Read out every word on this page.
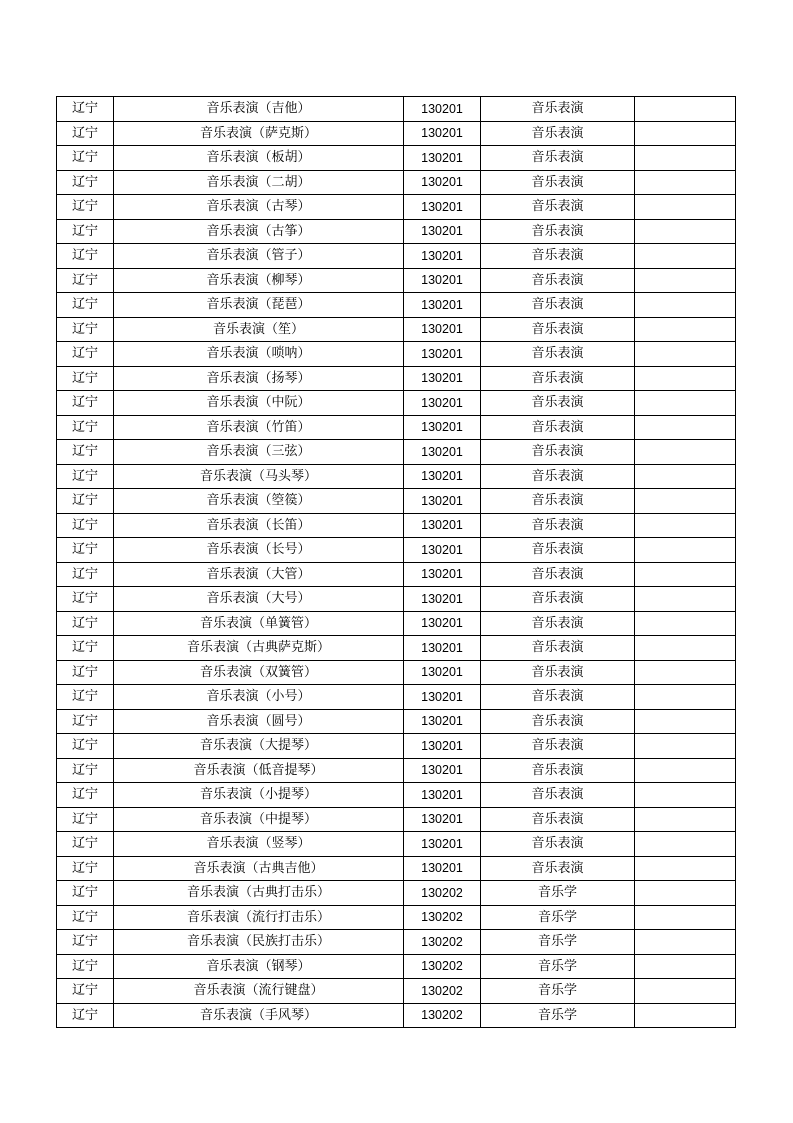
辽宁	音乐表演（吉他）	130201	音乐表演	
辽宁	音乐表演（萨克斯）	130201	音乐表演	
辽宁	音乐表演（板胡）	130201	音乐表演	
辽宁	音乐表演（二胡）	130201	音乐表演	
辽宁	音乐表演（古琴）	130201	音乐表演	
辽宁	音乐表演（古筝）	130201	音乐表演	
辽宁	音乐表演（管子）	130201	音乐表演	
辽宁	音乐表演（柳琴）	130201	音乐表演	
辽宁	音乐表演（琵琶）	130201	音乐表演	
辽宁	音乐表演（笙）	130201	音乐表演	
辽宁	音乐表演（唢呐）	130201	音乐表演	
辽宁	音乐表演（扬琴）	130201	音乐表演	
辽宁	音乐表演（中阮）	130201	音乐表演	
辽宁	音乐表演（竹笛）	130201	音乐表演	
辽宁	音乐表演（三弦）	130201	音乐表演	
辽宁	音乐表演（马头琴）	130201	音乐表演	
辽宁	音乐表演（箜篌）	130201	音乐表演	
辽宁	音乐表演（长笛）	130201	音乐表演	
辽宁	音乐表演（长号）	130201	音乐表演	
辽宁	音乐表演（大管）	130201	音乐表演	
辽宁	音乐表演（大号）	130201	音乐表演	
辽宁	音乐表演（单簧管）	130201	音乐表演	
辽宁	音乐表演（古典萨克斯）	130201	音乐表演	
辽宁	音乐表演（双簧管）	130201	音乐表演	
辽宁	音乐表演（小号）	130201	音乐表演	
辽宁	音乐表演（圆号）	130201	音乐表演	
辽宁	音乐表演（大提琴）	130201	音乐表演	
辽宁	音乐表演（低音提琴）	130201	音乐表演	
辽宁	音乐表演（小提琴）	130201	音乐表演	
辽宁	音乐表演（中提琴）	130201	音乐表演	
辽宁	音乐表演（竖琴）	130201	音乐表演	
辽宁	音乐表演（古典吉他）	130201	音乐表演	
辽宁	音乐表演（古典打击乐）	130202	音乐学	
辽宁	音乐表演（流行打击乐）	130202	音乐学	
辽宁	音乐表演（民族打击乐）	130202	音乐学	
辽宁	音乐表演（钢琴）	130202	音乐学	
辽宁	音乐表演（流行键盘）	130202	音乐学	
辽宁	音乐表演（手风琴）	130202	音乐学	
